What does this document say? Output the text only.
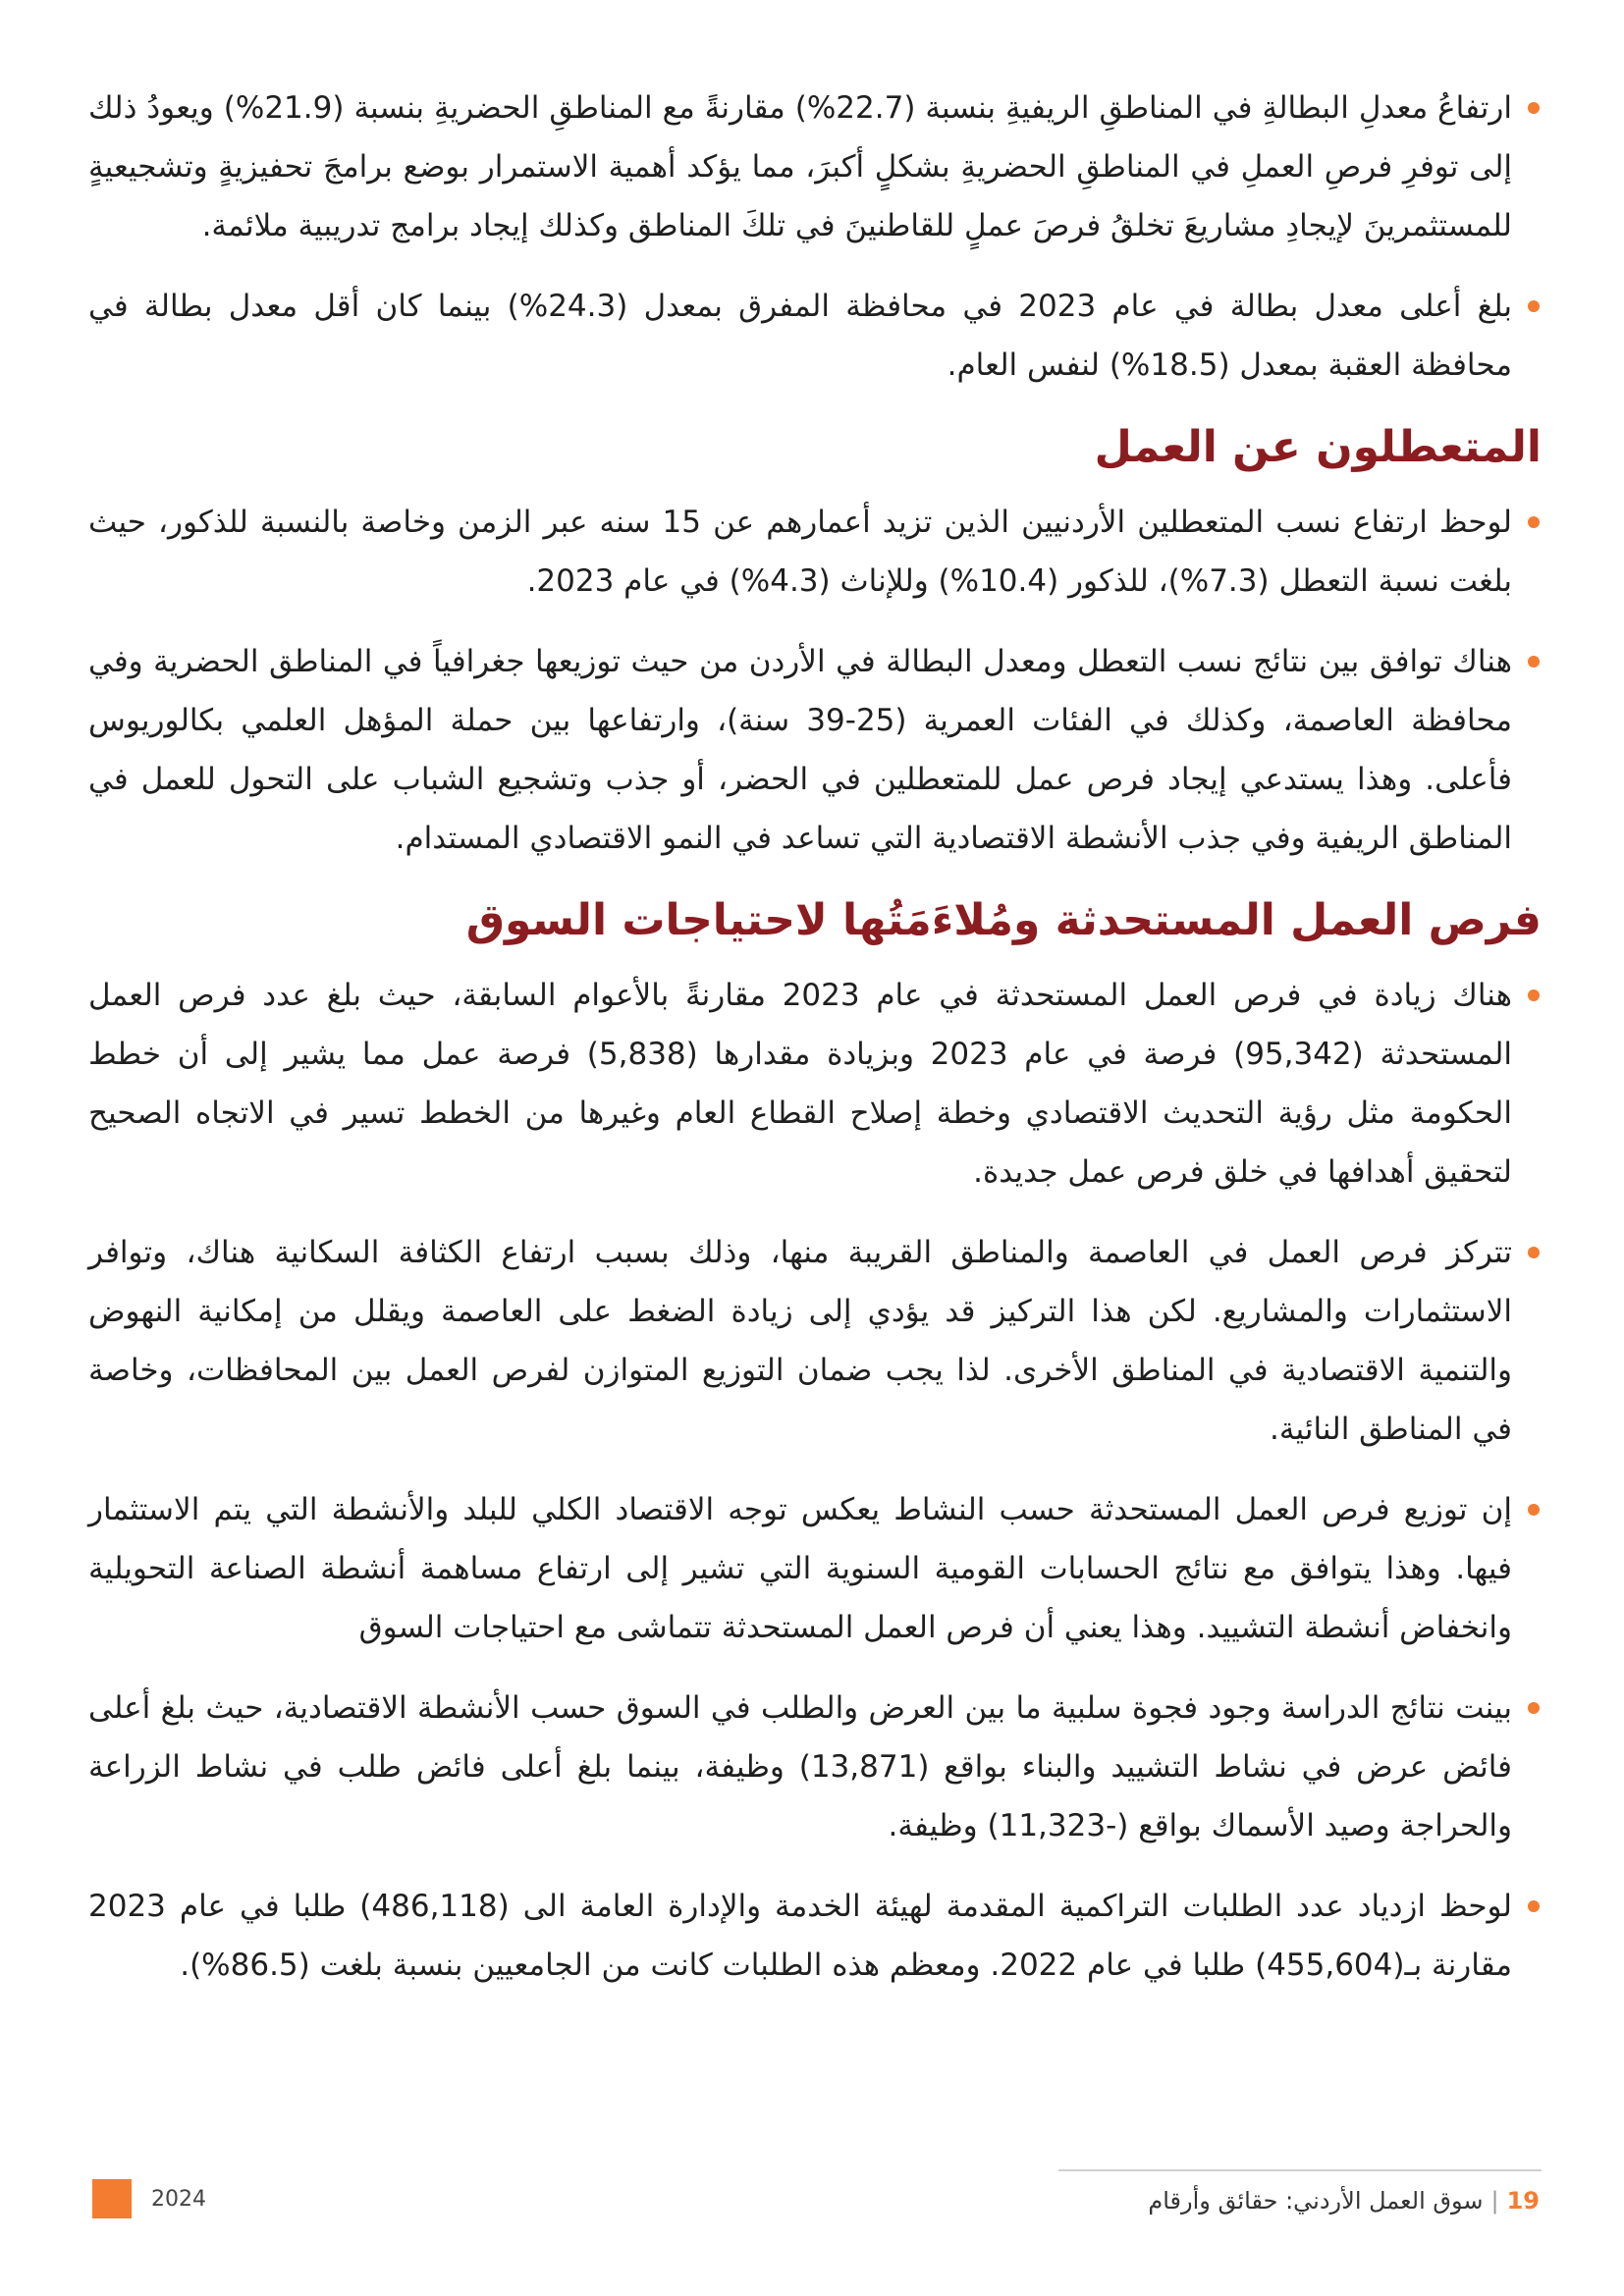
ارتفاعُ معدلِ البطالةِ في المناطقِ الريفيةِ بنسبة (22.7%) مقارنةً مع المناطقِ الحضريةِ بنسبة (21.9%) ويعودُ ذلك إلى توفرِ فرصِ العملِ في المناطقِ الحضريةِ بشكلٍ أكبرَ، مما يؤكد أهمية الاستمرار بوضع برامجَ تحفيزيةٍ وتشجيعيةٍ للمستثمرينَ لإيجادِ مشاريعَ تخلقُ فرصَ عملٍ للقاطنينَ في تلكَ المناطق وكذلك إيجاد برامج تدريبية ملائمة.
بلغ أعلى معدل بطالة في عام 2023 في محافظة المفرق بمعدل (24.3%) بينما كان أقل معدل بطالة في محافظة العقبة بمعدل (18.5%) لنفس العام.
المتعطلون عن العمل
لوحظ ارتفاع نسب المتعطلين الأردنيين الذين تزيد أعمارهم عن 15 سنه عبر الزمن وخاصة بالنسبة للذكور، حيث بلغت نسبة التعطل (7.3%)، للذكور (10.4%) وللإناث (4.3%) في عام 2023.
هناك توافق بين نتائج نسب التعطل ومعدل البطالة في الأردن من حيث توزيعها جغرافياً في المناطق الحضرية وفي محافظة العاصمة، وكذلك في الفئات العمرية (25-39 سنة)، وارتفاعها بين حملة المؤهل العلمي بكالوريوس فأعلى. وهذا يستدعي إيجاد فرص عمل للمتعطلين في الحضر، أو جذب وتشجيع الشباب على التحول للعمل في المناطق الريفية وفي جذب الأنشطة الاقتصادية التي تساعد في النمو الاقتصادي المستدام.
فرص العمل المستحدثة ومُلاءَمَتُها لاحتياجات السوق
هناك زيادة في فرص العمل المستحدثة في عام 2023 مقارنةً بالأعوام السابقة، حيث بلغ عدد فرص العمل المستحدثة (95,342) فرصة في عام 2023 وبزيادة مقدارها (5,838) فرصة عمل مما يشير إلى أن خطط الحكومة مثل رؤية التحديث الاقتصادي وخطة إصلاح القطاع العام وغيرها من الخطط تسير في الاتجاه الصحيح لتحقيق أهدافها في خلق فرص عمل جديدة.
تتركز فرص العمل في العاصمة والمناطق القريبة منها، وذلك بسبب ارتفاع الكثافة السكانية هناك، وتوافر الاستثمارات والمشاريع. لكن هذا التركيز قد يؤدي إلى زيادة الضغط على العاصمة ويقلل من إمكانية النهوض والتنمية الاقتصادية في المناطق الأخرى. لذا يجب ضمان التوزيع المتوازن لفرص العمل بين المحافظات، وخاصة في المناطق النائية.
إن توزيع فرص العمل المستحدثة حسب النشاط يعكس توجه الاقتصاد الكلي للبلد والأنشطة التي يتم الاستثمار فيها. وهذا يتوافق مع نتائج الحسابات القومية السنوية التي تشير إلى ارتفاع مساهمة أنشطة الصناعة التحويلية وانخفاض أنشطة التشييد. وهذا يعني أن فرص العمل المستحدثة تتماشى مع احتياجات السوق
بينت نتائج الدراسة وجود فجوة سلبية ما بين العرض والطلب في السوق حسب الأنشطة الاقتصادية، حيث بلغ أعلى فائض عرض في نشاط التشييد والبناء بواقع (13,871) وظيفة، بينما بلغ أعلى فائض طلب في نشاط الزراعة والحراجة وصيد الأسماك بواقع (-11,323) وظيفة.
لوحظ ازدياد عدد الطلبات التراكمية المقدمة لهيئة الخدمة والإدارة العامة الى (486,118) طلبا في عام 2023 مقارنة بـ(455,604) طلبا في عام 2022. ومعظم هذه الطلبات كانت من الجامعيين بنسبة بلغت (86.5%).
19
|
سوق العمل الأردني: حقائق وأرقام
2024
